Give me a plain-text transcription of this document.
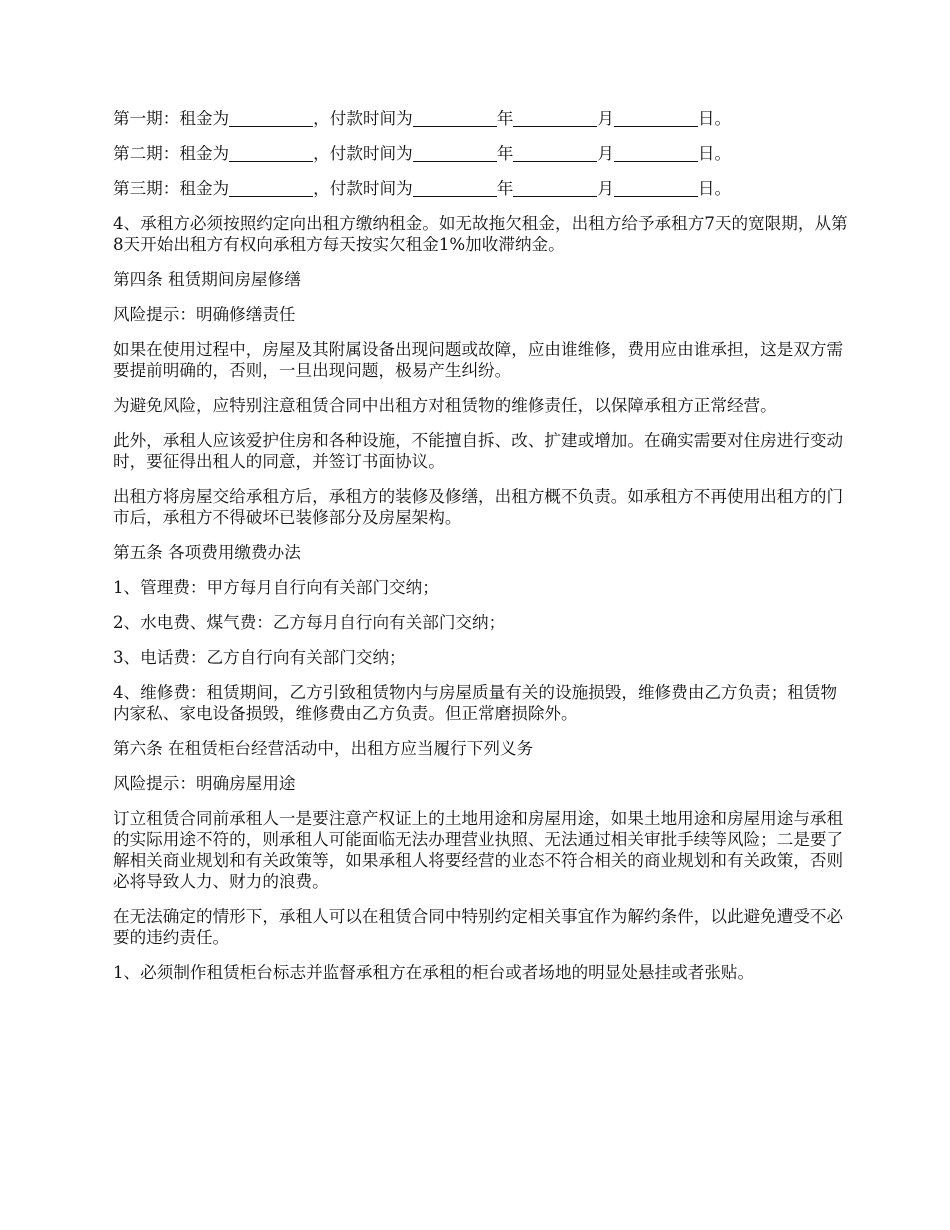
第一期：租金为	，付款时间为	年	月	日。

第二期：租金为	，付款时间为	年	月	日。

第三期：租金为	，付款时间为	年	月	日。

4、承租方必须按照约定向出租方缴纳租金。如无故拖欠租金，出租方给予承租方7天的宽限期，从第8天开始出租方有权向承租方每天按实欠租金1%加收滞纳金。

第四条 租赁期间房屋修缮

风险提示：明确修缮责任

如果在使用过程中，房屋及其附属设备出现问题或故障，应由谁维修，费用应由谁承担，这是双方需要提前明确的，否则，一旦出现问题，极易产生纠纷。

为避免风险，应特别注意租赁合同中出租方对租赁物的维修责任，以保障承租方正常经营。

此外，承租人应该爱护住房和各种设施，不能擅自拆、改、扩建或增加。在确实需要对住房进行变动时，要征得出租人的同意，并签订书面协议。

出租方将房屋交给承租方后，承租方的装修及修缮，出租方概不负责。如承租方不再使用出租方的门市后，承租方不得破坏已装修部分及房屋架构。

第五条 各项费用缴费办法

1、管理费：甲方每月自行向有关部门交纳；

2、水电费、煤气费：乙方每月自行向有关部门交纳；

3、电话费：乙方自行向有关部门交纳；

4、维修费：租赁期间，乙方引致租赁物内与房屋质量有关的设施损毁，维修费由乙方负责；租赁物内家私、家电设备损毁，维修费由乙方负责。但正常磨损除外。

第六条 在租赁柜台经营活动中，出租方应当履行下列义务

风险提示：明确房屋用途

订立租赁合同前承租人一是要注意产权证上的土地用途和房屋用途，如果土地用途和房屋用途与承租的实际用途不符的，则承租人可能面临无法办理营业执照、无法通过相关审批手续等风险；二是要了解相关商业规划和有关政策等，如果承租人将要经营的业态不符合相关的商业规划和有关政策，否则必将导致人力、财力的浪费。

在无法确定的情形下，承租人可以在租赁合同中特别约定相关事宜作为解约条件，以此避免遭受不必要的违约责任。

1、必须制作租赁柜台标志并监督承租方在承租的柜台或者场地的明显处悬挂或者张贴。
